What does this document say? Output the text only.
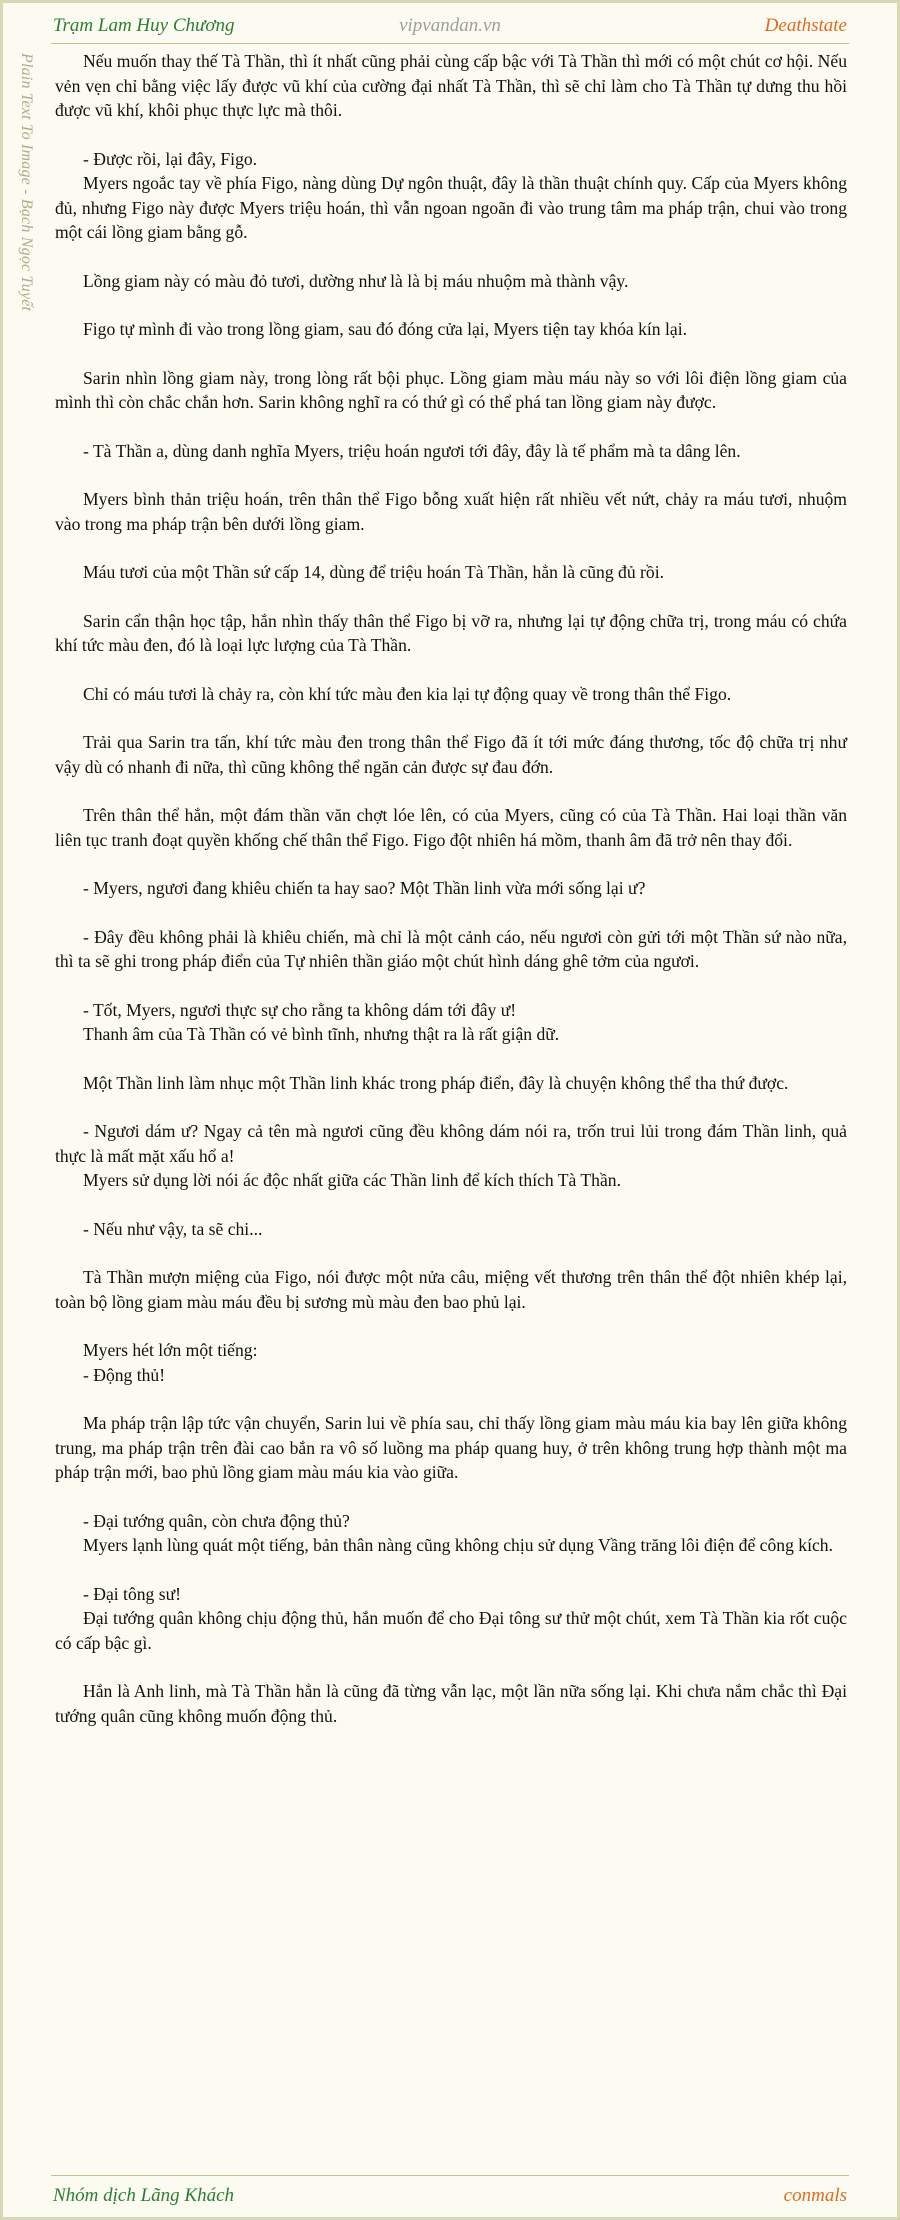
Trạm Lam Huy Chương	vipvandan.vn	Deathstate
Plain Text To Image - Bạch Ngọc Tuyết	Nếu muốn thay thế Tà Thần, thì ít nhất cũng phải cùng cấp bậc với Tà Thần thì mới có một chút cơ hội. Nếu vẻn vẹn chỉ bằng việc lấy được vũ khí của cường đại nhất Tà Thần, thì sẽ chỉ làm cho Tà Thần tự dưng thu hồi được vũ khí, khôi phục thực lực mà thôi.

- Được rồi, lại đây, Figo.

Myers ngoắc tay về phía Figo, nàng dùng Dự ngôn thuật, đây là thần thuật chính quy. Cấp của Myers không đủ, nhưng Figo này được Myers triệu hoán, thì vẫn ngoan ngoãn đi vào trung tâm ma pháp trận, chui vào trong một cái lồng giam bằng gỗ.

Lồng giam này có màu đỏ tươi, dường như là là bị máu nhuộm mà thành vậy.

Figo tự mình đi vào trong lồng giam, sau đó đóng cửa lại, Myers tiện tay khóa kín lại.

Sarin nhìn lồng giam này, trong lòng rất bội phục. Lồng giam màu máu này so với lôi điện lồng giam của mình thì còn chắc chắn hơn. Sarin không nghĩ ra có thứ gì có thể phá tan lồng giam này được.

- Tà Thần a, dùng danh nghĩa Myers, triệu hoán ngươi tới đây, đây là tế phẩm mà ta dâng lên.

Myers bình thản triệu hoán, trên thân thể Figo bỗng xuất hiện rất nhiều vết nứt, chảy ra máu tươi, nhuộm vào trong ma pháp trận bên dưới lồng giam.

Máu tươi của một Thần sứ cấp 14, dùng để triệu hoán Tà Thần, hẳn là cũng đủ rồi.

Sarin cẩn thận học tập, hắn nhìn thấy thân thể Figo bị vỡ ra, nhưng lại tự động chữa trị, trong máu có chứa khí tức màu đen, đó là loại lực lượng của Tà Thần.

Chỉ có máu tươi là chảy ra, còn khí tức màu đen kia lại tự động quay về trong thân thể Figo.

Trải qua Sarin tra tấn, khí tức màu đen trong thân thể Figo đã ít tới mức đáng thương, tốc độ chữa trị như vậy dù có nhanh đi nữa, thì cũng không thể ngăn cản được sự đau đớn.

Trên thân thể hắn, một đám thần văn chợt lóe lên, có của Myers, cũng có của Tà Thần. Hai loại thần văn liên tục tranh đoạt quyền khống chế thân thể Figo. Figo đột nhiên há mồm, thanh âm đã trở nên thay đổi.

- Myers, ngươi đang khiêu chiến ta hay sao? Một Thần linh vừa mới sống lại ư?

- Đây đều không phải là khiêu chiến, mà chỉ là một cảnh cáo, nếu ngươi còn gửi tới một Thần sứ nào nữa, thì ta sẽ ghi trong pháp điển của Tự nhiên thần giáo một chút hình dáng ghê tởm của ngươi.

- Tốt, Myers, ngươi thực sự cho rằng ta không dám tới đây ư!

Thanh âm của Tà Thần có vẻ bình tĩnh, nhưng thật ra là rất giận dữ.

Một Thần linh làm nhục một Thần linh khác trong pháp điển, đây là chuyện không thể tha thứ được.

- Ngươi dám ư? Ngay cả tên mà ngươi cũng đều không dám nói ra, trốn trui lủi trong đám Thần linh, quả thực là mất mặt xấu hổ a!

Myers sử dụng lời nói ác độc nhất giữa các Thần linh để kích thích Tà Thần.

- Nếu như vậy, ta sẽ chi...

Tà Thần mượn miệng của Figo, nói được một nửa câu, miệng vết thương trên thân thể đột nhiên khép lại, toàn bộ lồng giam màu máu đều bị sương mù màu đen bao phủ lại.

Myers hét lớn một tiếng:

- Động thủ!

Ma pháp trận lập tức vận chuyển, Sarin lui về phía sau, chỉ thấy lồng giam màu máu kia bay lên giữa không trung, ma pháp trận trên đài cao bắn ra vô số luồng ma pháp quang huy, ở trên không trung hợp thành một ma pháp trận mới, bao phủ lồng giam màu máu kia vào giữa.

- Đại tướng quân, còn chưa động thủ?

Myers lạnh lùng quát một tiếng, bản thân nàng cũng không chịu sử dụng Vầng trăng lôi điện để công kích.

- Đại tông sư!

Đại tướng quân không chịu động thủ, hắn muốn để cho Đại tông sư thử một chút, xem Tà Thần kia rốt cuộc có cấp bậc gì.

Hắn là Anh linh, mà Tà Thần hẳn là cũng đã từng vẫn lạc, một lần nữa sống lại. Khi chưa nắm chắc thì Đại tướng quân cũng không muốn động thủ.

Nhóm dịch Lãng Khách	conmals
